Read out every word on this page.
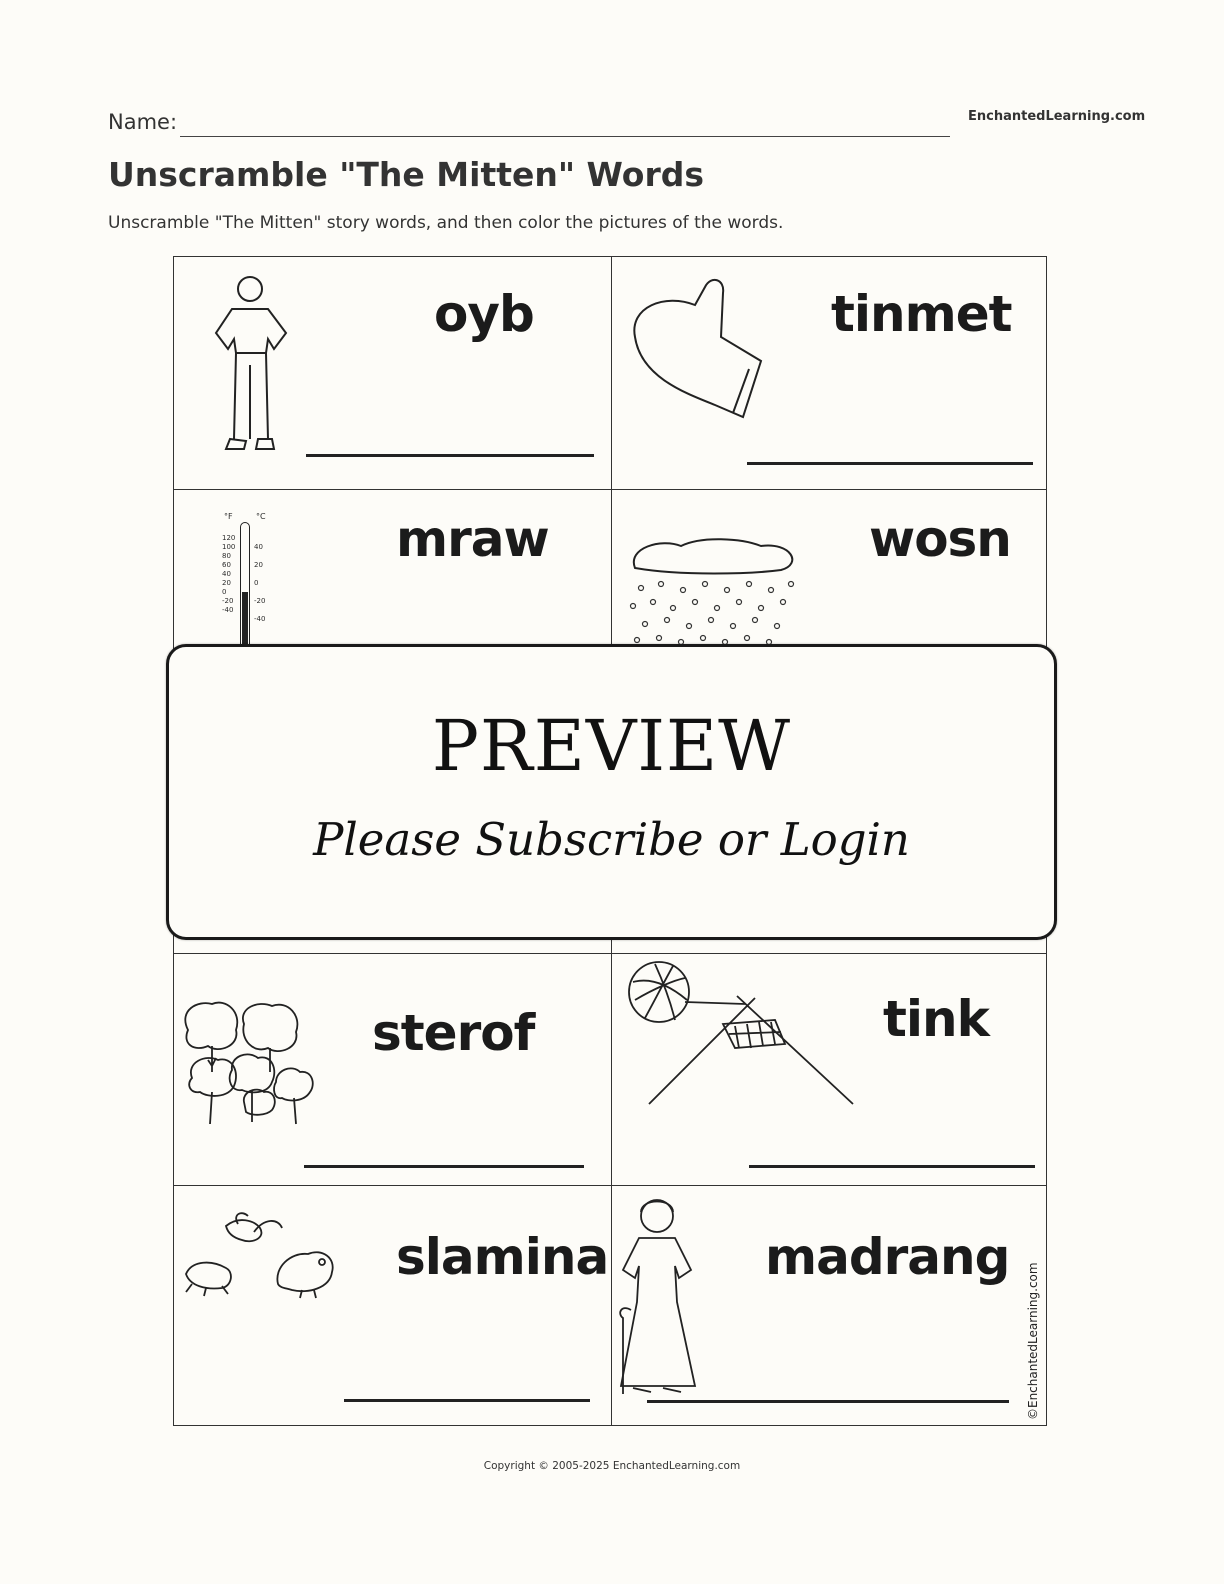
Name:	EnchantedLearning.com
Unscramble "The Mitten" Words
Unscramble "The Mitten" story words, and then color the pictures of the words.
oyb	tinmet
°F	°C
120
100
80
60
40
20
0
-20
-40
40
20
0
-20
-40
mraw	wosn
sterof	tink
slamina	madrang
©EnchantedLearning.com
PREVIEW
Please Subscribe or Login
Copyright © 2005-2025 EnchantedLearning.com
